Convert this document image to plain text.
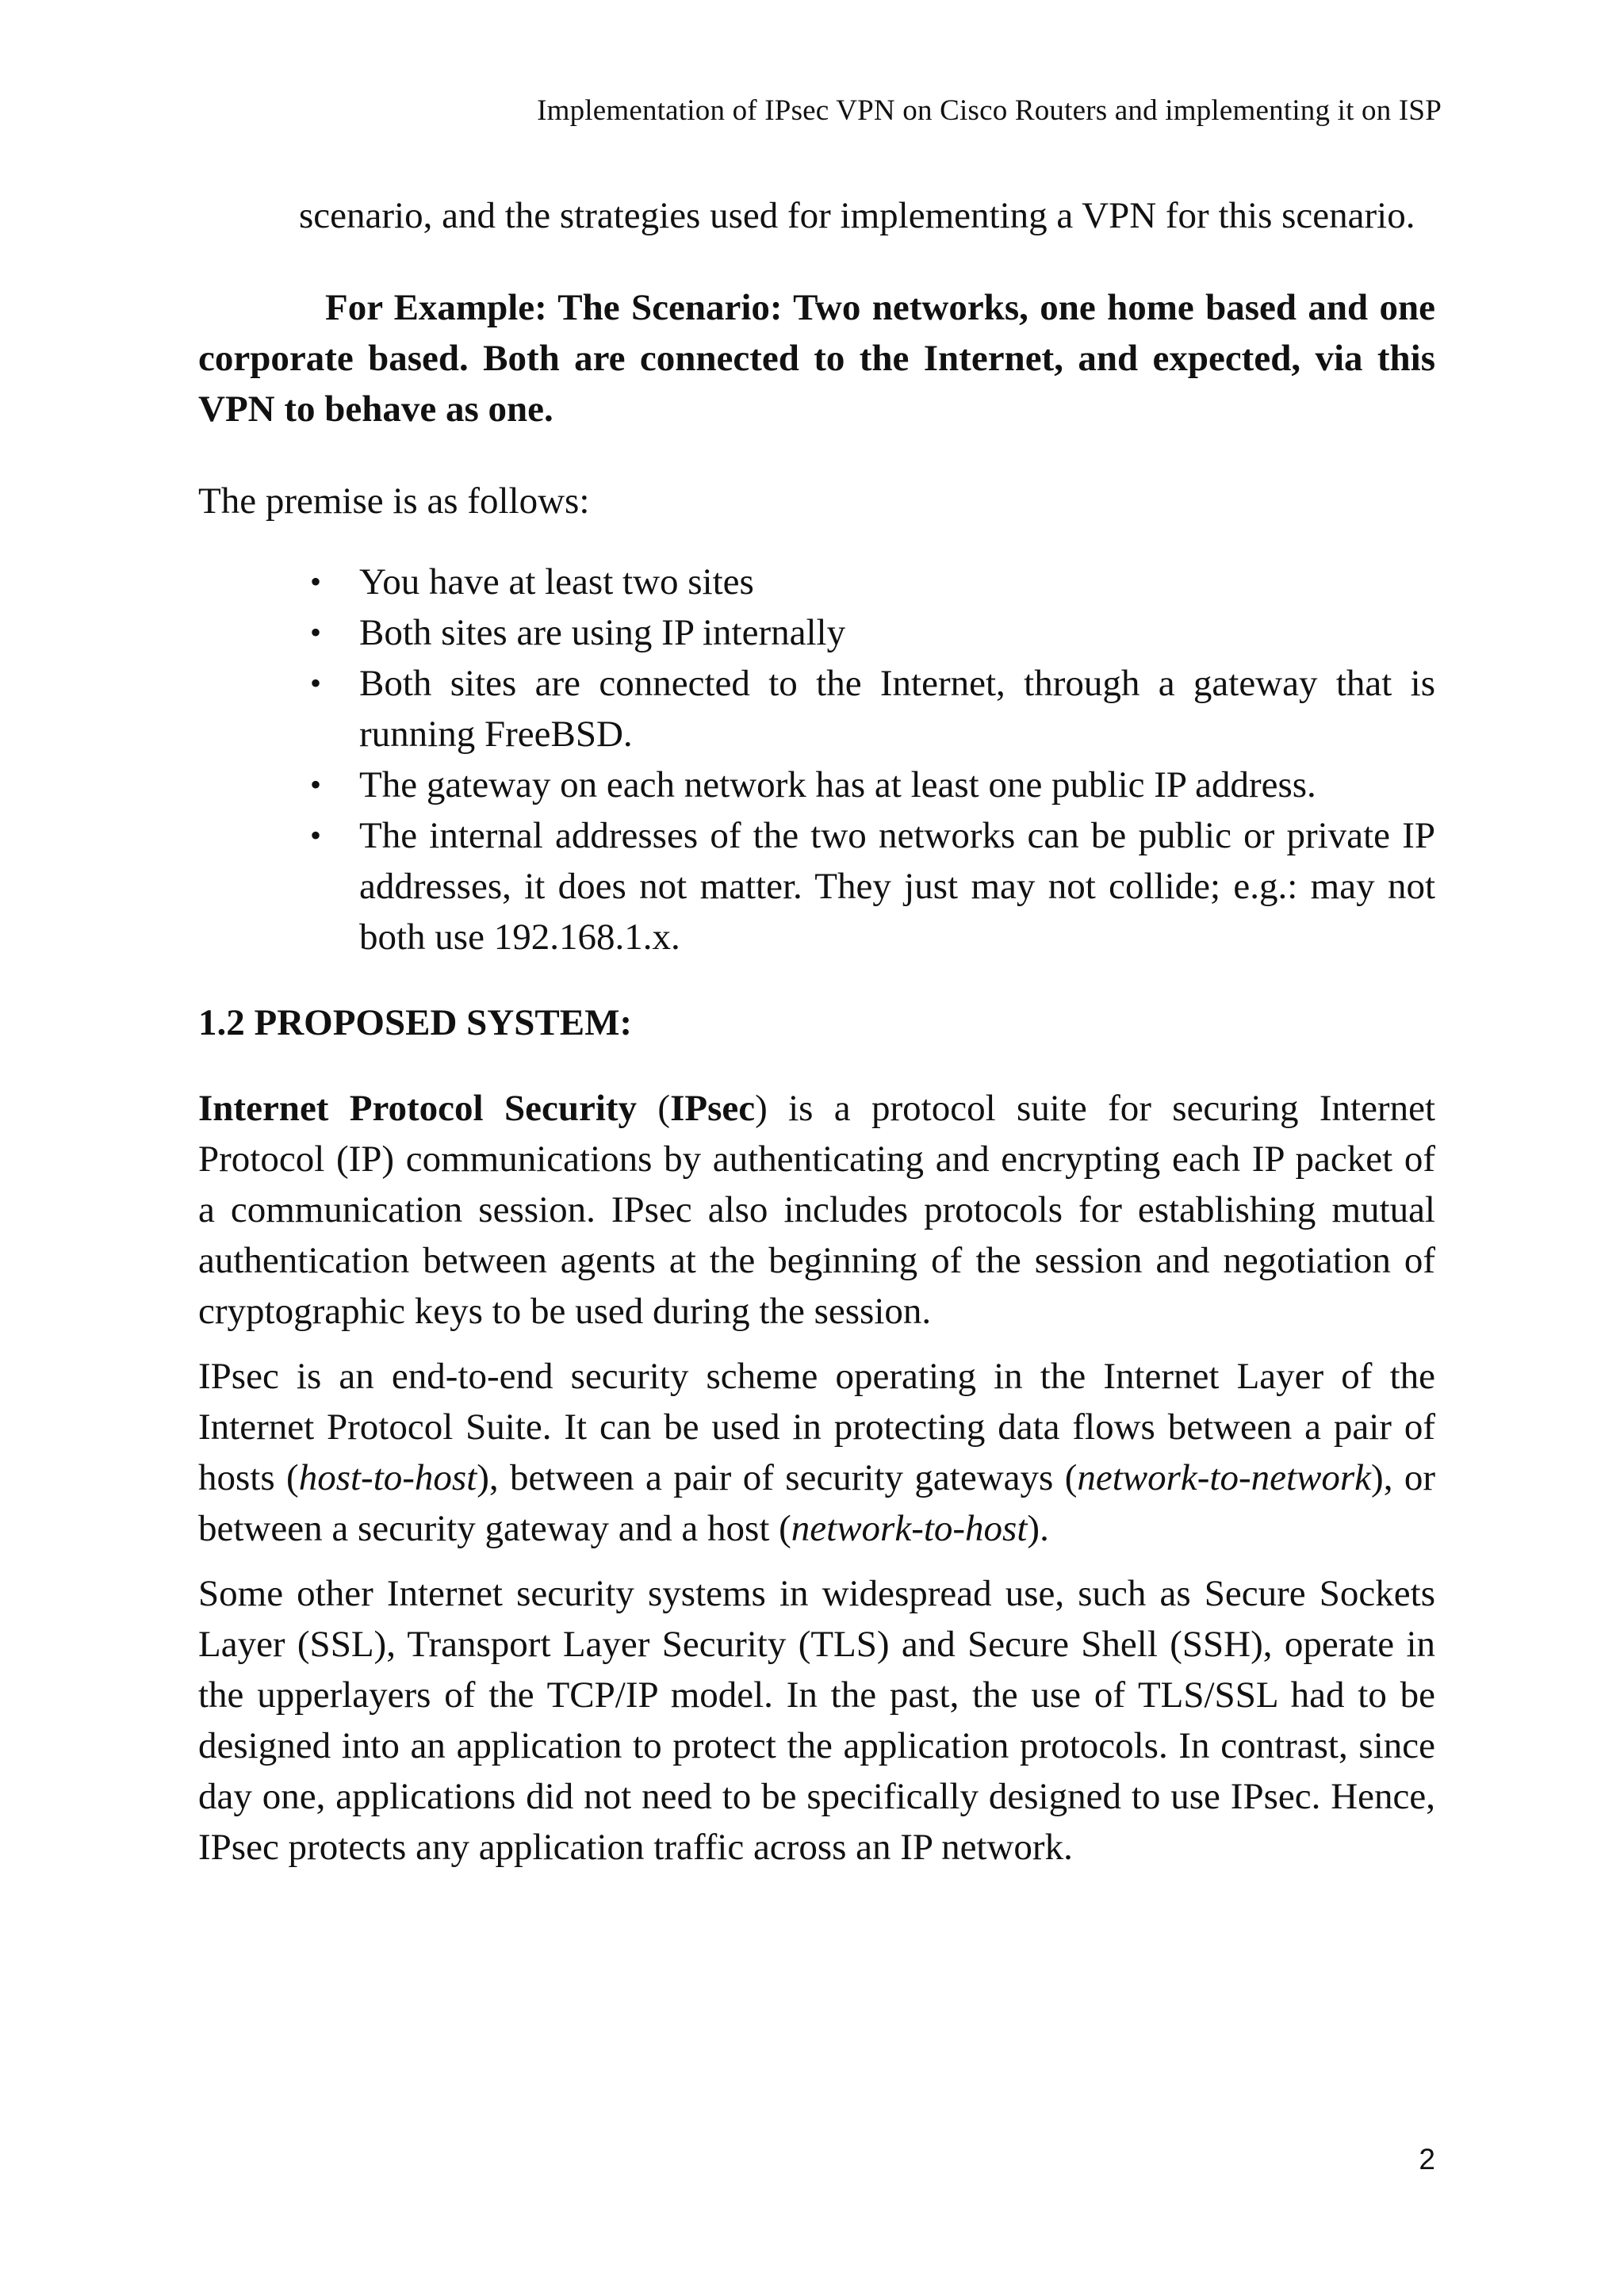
Implementation of IPsec VPN on Cisco Routers and implementing it on ISP

scenario, and the strategies used for implementing a VPN for this scenario.

For Example: The Scenario: Two networks, one home based and one corporate based. Both are connected to the Internet, and expected, via this VPN to behave as one.

The premise is as follows:

• You have at least two sites
• Both sites are using IP internally
• Both sites are connected to the Internet, through a gateway that is running FreeBSD.
• The gateway on each network has at least one public IP address.
• The internal addresses of the two networks can be public or private IP addresses, it does not matter. They just may not collide; e.g.: may not both use 192.168.1.x.

1.2 PROPOSED SYSTEM:

Internet Protocol Security (IPsec) is a protocol suite for securing Internet Protocol (IP) communications by authenticating and encrypting each IP packet of a communication session. IPsec also includes protocols for establishing mutual authentication between agents at the beginning of the session and negotiation of cryptographic keys to be used during the session.

IPsec is an end-to-end security scheme operating in the Internet Layer of the Internet Protocol Suite. It can be used in protecting data flows between a pair of hosts (host-to-host), between a pair of security gateways (network-to-network), or between a security gateway and a host (network-to-host).

Some other Internet security systems in widespread use, such as Secure Sockets Layer (SSL), Transport Layer Security (TLS) and Secure Shell (SSH), operate in the upperlayers of the TCP/IP model. In the past, the use of TLS/SSL had to be designed into an application to protect the application protocols. In contrast, since day one, applications did not need to be specifically designed to use IPsec. Hence, IPsec protects any application traffic across an IP network.

2
